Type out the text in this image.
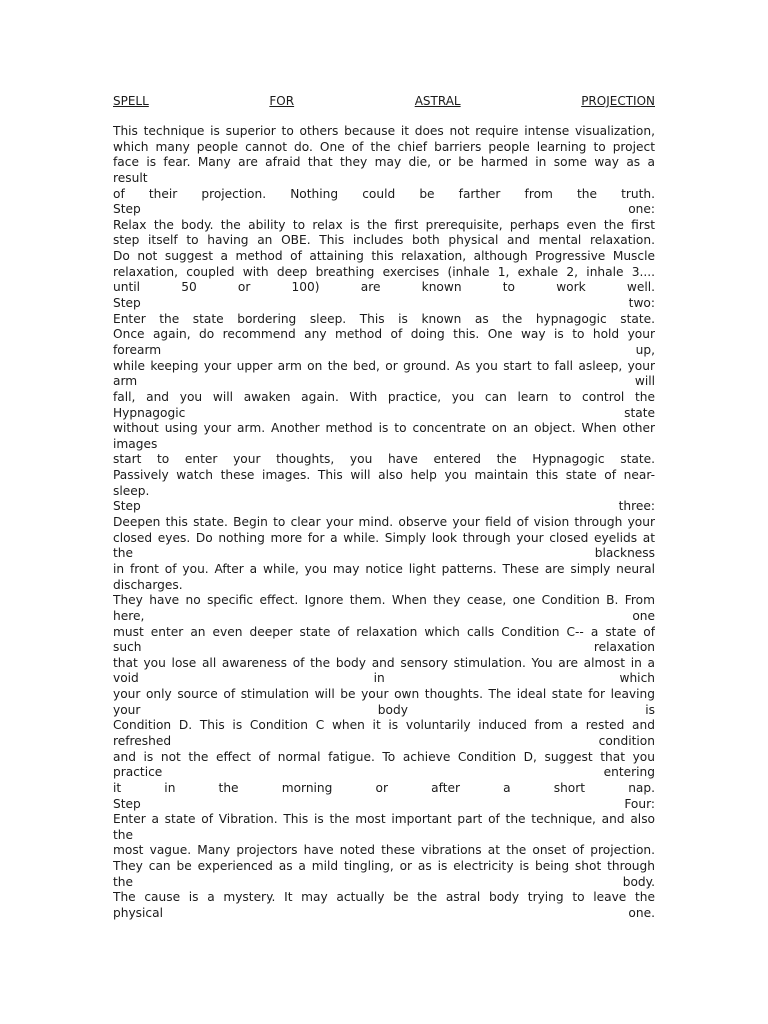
SPELL	FOR	ASTRAL	PROJECTION
This technique is superior to others because it does not require intense visualization,
which many people cannot do. One of the chief barriers people learning to project
face is fear. Many are afraid that they may die, or be harmed in some way as a
result
of their projection. Nothing could be farther from the truth.
Step one:
Relax the body. the ability to relax is the first prerequisite, perhaps even the first
step itself to having an OBE. This includes both physical and mental relaxation.
Do not suggest a method of attaining this relaxation, although Progressive Muscle
relaxation, coupled with deep breathing exercises (inhale 1, exhale 2, inhale 3....
until 50 or 100) are known to work well.
Step two:
Enter the state bordering sleep. This is known as the hypnagogic state.
Once again, do recommend any method of doing this. One way is to hold your
forearm up,
while keeping your upper arm on the bed, or ground. As you start to fall asleep, your
arm will
fall, and you will awaken again. With practice, you can learn to control the
Hypnagogic state
without using your arm. Another method is to concentrate on an object. When other
images
start to enter your thoughts, you have entered the Hypnagogic state.
Passively watch these images. This will also help you maintain this state of near-
sleep.
Step three:
Deepen this state. Begin to clear your mind. observe your field of vision through your
closed eyes. Do nothing more for a while. Simply look through your closed eyelids at
the blackness
in front of you. After a while, you may notice light patterns. These are simply neural
discharges.
They have no specific effect. Ignore them. When they cease, one Condition B. From
here, one
must enter an even deeper state of relaxation which calls Condition C-- a state of
such relaxation
that you lose all awareness of the body and sensory stimulation. You are almost in a
void in which
your only source of stimulation will be your own thoughts. The ideal state for leaving
your body is
Condition D. This is Condition C when it is voluntarily induced from a rested and
refreshed condition
and is not the effect of normal fatigue. To achieve Condition D, suggest that you
practice entering
it in the morning or after a short nap.
Step Four:
Enter a state of Vibration. This is the most important part of the technique, and also
the
most vague. Many projectors have noted these vibrations at the onset of projection.
They can be experienced as a mild tingling, or as is electricity is being shot through
the body.
The cause is a mystery. It may actually be the astral body trying to leave the
physical one.
